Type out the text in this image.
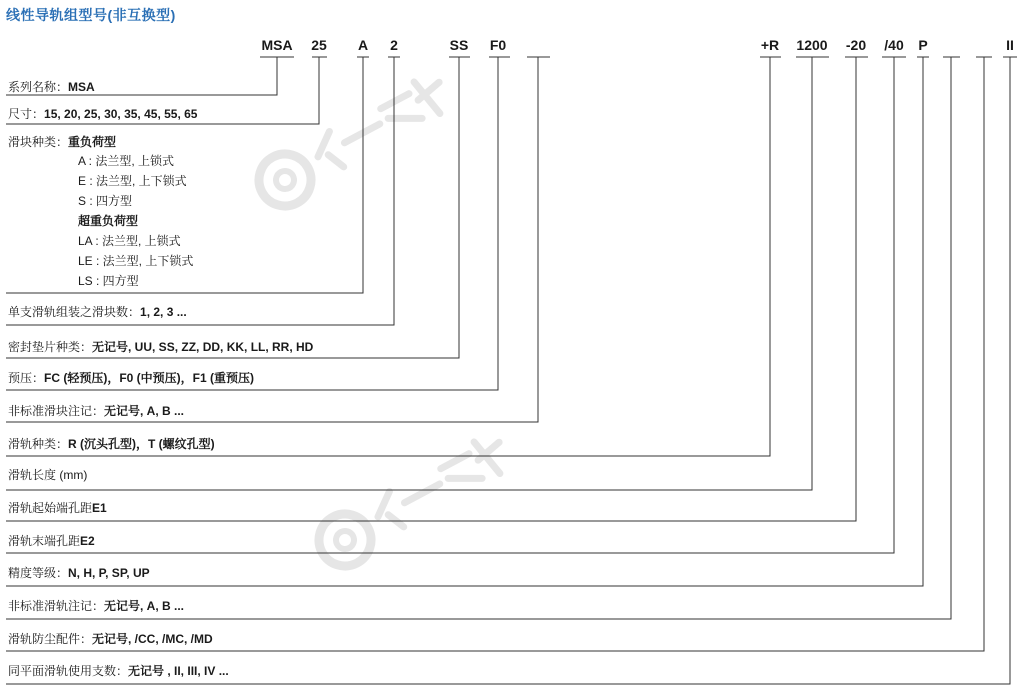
线性导轨组型号(非互换型)
MSA 25 A 2	SS F0	+R 1200 -20 /40 P	II
系列名称：MSA
尺寸：15, 20, 25, 30, 35, 45, 55, 65
滑块种类：重负荷型
单支滑轨组装之滑块数：1, 2, 3 ...
密封垫片种类：无记号, UU, SS, ZZ, DD, KK, LL, RR, HD
预压：FC (轻预压)，F0 (中预压)，F1 (重预压)
非标准滑块注记：无记号, A, B ...
滑轨种类：R (沉头孔型)，T (螺纹孔型)
滑轨长度 (mm)
滑轨起始端孔距E1
滑轨末端孔距E2
精度等级：N, H, P, SP, UP
非标准滑轨注记：无记号, A, B ...
滑轨防尘配件：无记号, /CC, /MC, /MD
同平面滑轨使用支数：无记号 , II, III, IV ...
A : 法兰型, 上锁式
E : 法兰型, 上下锁式
S : 四方型
超重负荷型
LA : 法兰型, 上锁式
LE : 法兰型, 上下锁式
LS : 四方型
